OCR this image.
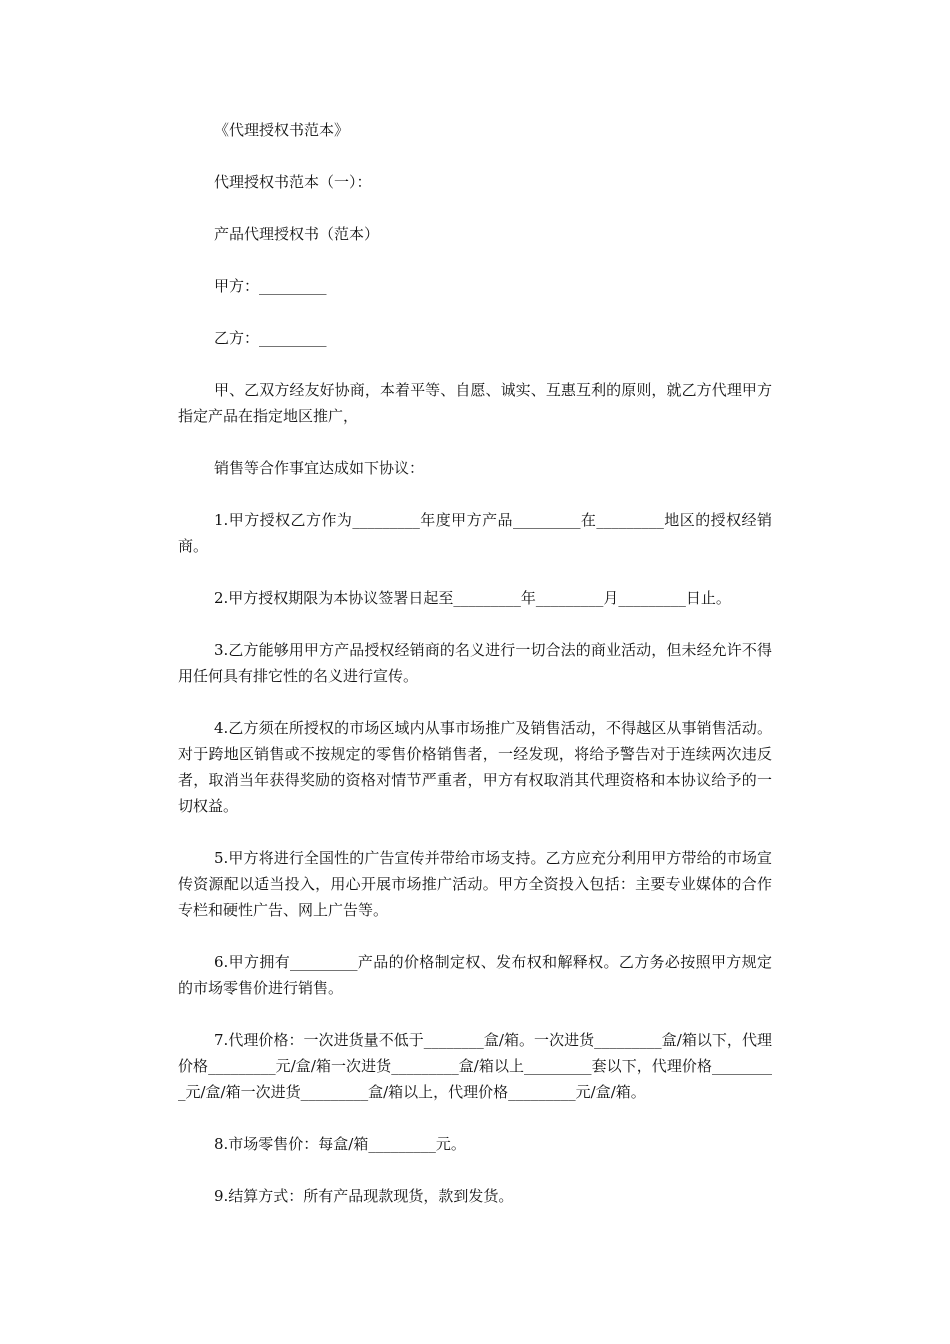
《代理授权书范本》

代理授权书范本（一）：

产品代理授权书（范本）

甲方：_________

乙方：_________

甲、乙双方经友好协商，本着平等、自愿、诚实、互惠互利的原则，就乙方代理甲方指定产品在指定地区推广，

销售等合作事宜达成如下协议：

1.甲方授权乙方作为_________年度甲方产品_________在_________地区的授权经销商。

2.甲方授权期限为本协议签署日起至_________年_________月_________日止。

3.乙方能够用甲方产品授权经销商的名义进行一切合法的商业活动，但未经允许不得用任何具有排它性的名义进行宣传。

4.乙方须在所授权的市场区域内从事市场推广及销售活动，不得越区从事销售活动。对于跨地区销售或不按规定的零售价格销售者，一经发现，将给予警告对于连续两次违反者，取消当年获得奖励的资格对情节严重者，甲方有权取消其代理资格和本协议给予的一切权益。

5.甲方将进行全国性的广告宣传并带给市场支持。乙方应充分利用甲方带给的市场宣传资源配以适当投入，用心开展市场推广活动。甲方全资投入包括：主要专业媒体的合作专栏和硬性广告、网上广告等。

6.甲方拥有_________产品的价格制定权、发布权和解释权。乙方务必按照甲方规定的市场零售价进行销售。

7.代理价格：一次进货量不低于________盒/箱。一次进货_________盒/箱以下，代理价格_________元/盒/箱一次进货_________盒/箱以上_________套以下，代理价格_________元/盒/箱一次进货_________盒/箱以上，代理价格_________元/盒/箱。

8.市场零售价：每盒/箱_________元。

9.结算方式：所有产品现款现货，款到发货。
